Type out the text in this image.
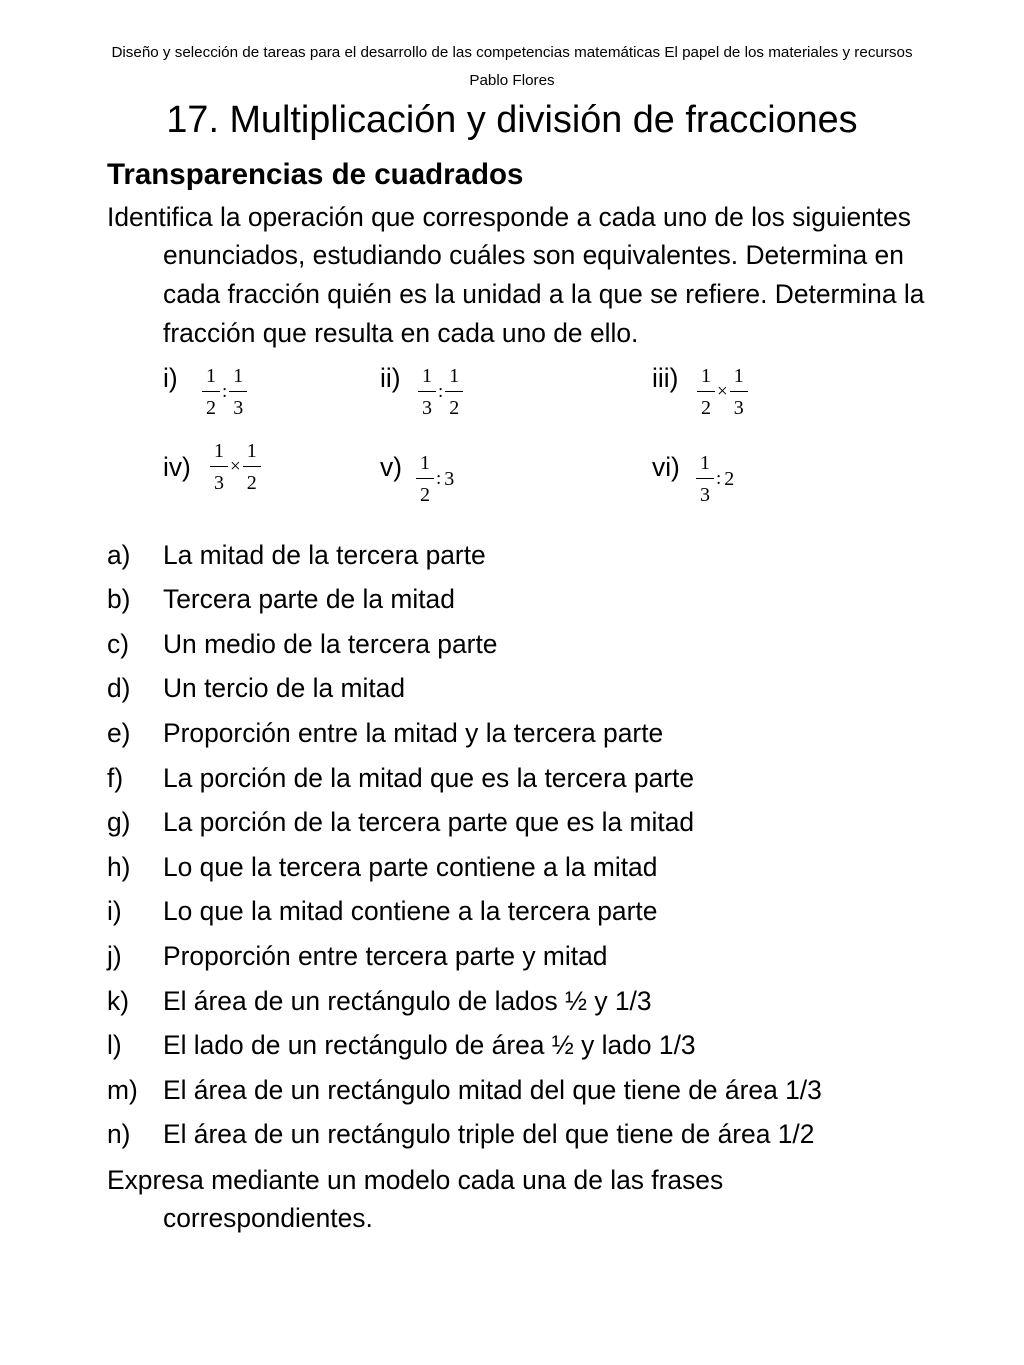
Diseño y selección de tareas para el desarrollo de las competencias matemáticas El papel de los materiales y recursos
Pablo Flores
17. Multiplicación y división de fracciones
Transparencias de cuadrados

Identifica la operación que corresponde a cada uno de los siguientes
enunciados, estudiando cuáles son equivalentes. Determina en
cada fracción quién es la unidad a la que se refiere. Determina la
fracción que resulta en cada uno de ello.

$i) \frac{1}{2}$ : $\frac{1}{3}$	$ii) \frac{1}{3}$ : $\frac{1}{2}$	$iii) \frac{1}{2} \times \frac{1}{3}$
$iv) \frac{1}{3} \times \frac{1}{2}$	$v) \frac{1}{2}$ : 3	$vi) \frac{1}{3}$ : 2
a) La mitad de la tercera parte
b) Tercera parte de la mitad
c) Un medio de la tercera parte
d) Un tercio de la mitad
e) Proporción entre la mitad y la tercera parte
f) La porción de la mitad que es la tercera parte
g) La porción de la tercera parte que es la mitad
h) Lo que la tercera parte contiene a la mitad
i) Lo que la mitad contiene a la tercera parte
j) Proporción entre tercera parte y mitad
k) El área de un rectángulo de lados ½ y 1/3
l) El lado de un rectángulo de área ½ y lado 1/3
m) El área de un rectángulo mitad del que tiene de área 1/3
n) El área de un rectángulo triple del que tiene de área 1/2

Expresa mediante un modelo cada una de las frases
correspondientes.
